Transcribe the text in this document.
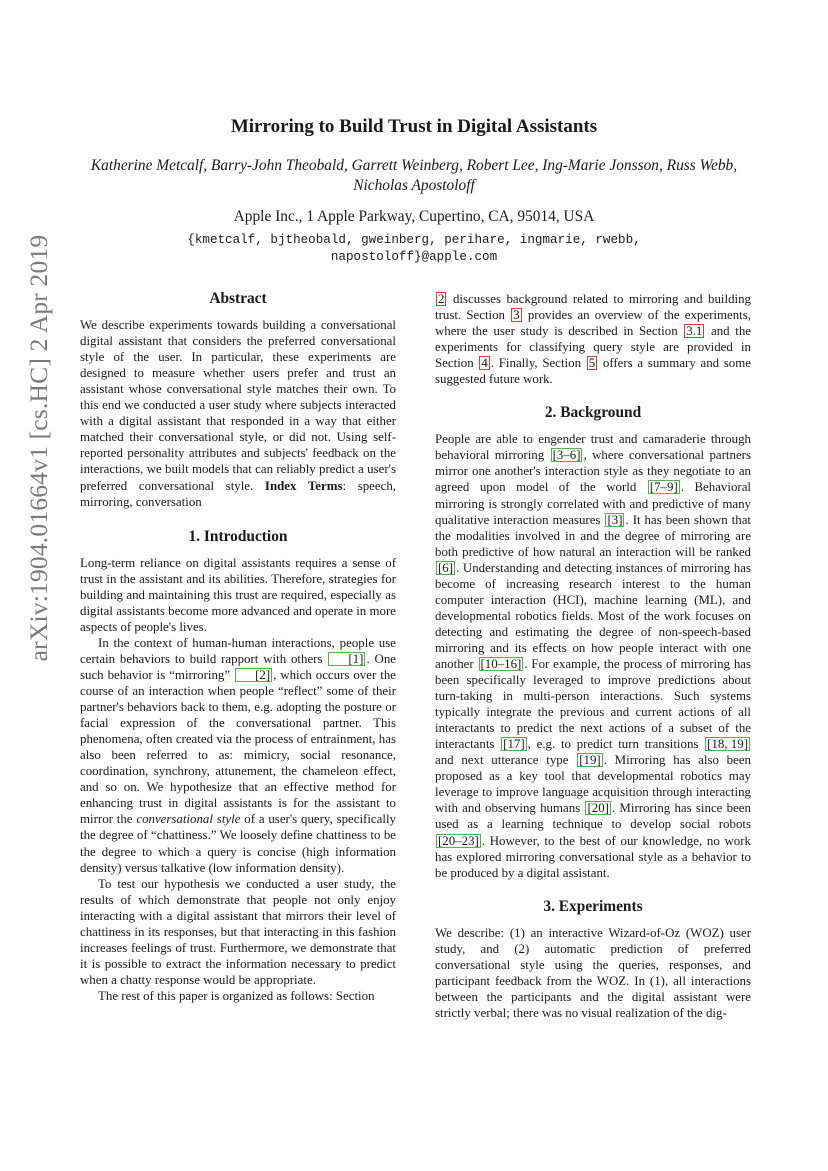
arXiv:1904.01664v1 [cs.HC] 2 Apr 2019
Mirroring to Build Trust in Digital Assistants
Katherine Metcalf, Barry-John Theobald, Garrett Weinberg, Robert Lee, Ing-Marie Jonsson, Russ Webb, Nicholas Apostoloff
Apple Inc., 1 Apple Parkway, Cupertino, CA, 95014, USA
{kmetcalf, bjtheobald, gweinberg, perihare, ingmarie, rwebb, napostoloff}@apple.com
Abstract

We describe experiments towards building a conversational digital assistant that considers the preferred conversational style of the user. In particular, these experiments are designed to measure whether users prefer and trust an assistant whose conversational style matches their own. To this end we conducted a user study where subjects interacted with a digital assistant that responded in a way that either matched their conversational style, or did not. Using self-reported personality attributes and subjects' feedback on the interactions, we built models that can reliably predict a user's preferred conversational style. Index Terms: speech, mirroring, conversation

1. Introduction

Long-term reliance on digital assistants requires a sense of trust in the assistant and its abilities. Therefore, strategies for building and maintaining this trust are required, especially as digital assistants become more advanced and operate in more aspects of people's lives.

In the context of human-human interactions, people use certain behaviors to build rapport with others [1] . One such behavior is “mirroring” [2] , which occurs over the course of an interaction when people “reflect” some of their partner's behaviors back to them, e.g. adopting the posture or facial expression of the conversational partner. This phenomena, often created via the process of entrainment, has also been referred to as: mimicry, social resonance, coordination, synchrony, attunement, the chameleon effect, and so on. We hypothesize that an effective method for enhancing trust in digital assistants is for the assistant to mirror the conversational style of a user's query, specifically the degree of “chattiness.” We loosely define chattiness to be the degree to which a query is concise (high information density) versus talkative (low information density).

To test our hypothesis we conducted a user study, the results of which demonstrate that people not only enjoy interacting with a digital assistant that mirrors their level of chattiness in its responses, but that interacting in this fashion increases feelings of trust. Furthermore, we demonstrate that it is possible to extract the information necessary to predict when a chatty response would be appropriate.

The rest of this paper is organized as follows: Section

2 discusses background related to mirroring and building trust. Section 3 provides an overview of the experiments, where the user study is described in Section 3.1 and the experiments for classifying query style are provided in Section 4 . Finally, Section 5 offers a summary and some suggested future work.

2. Background

People are able to engender trust and camaraderie through behavioral mirroring [3–6] , where conversational partners mirror one another's interaction style as they negotiate to an agreed upon model of the world [7–9] . Behavioral mirroring is strongly correlated with and predictive of many qualitative interaction measures [3] . It has been shown that the modalities involved in and the degree of mirroring are both predictive of how natural an interaction will be ranked [6] . Understanding and detecting instances of mirroring has become of increasing research interest to the human computer interaction (HCI), machine learning (ML), and developmental robotics fields. Most of the work focuses on detecting and estimating the degree of non-speech-based mirroring and its effects on how people interact with one another [10–16] . For example, the process of mirroring has been specifically leveraged to improve predictions about turn-taking in multi-person interactions. Such systems typically integrate the previous and current actions of all interactants to predict the next actions of a subset of the interactants [17] , e.g. to predict turn transitions [18, 19] and next utterance type [19] . Mirroring has also been proposed as a key tool that developmental robotics may leverage to improve language acquisition through interacting with and observing humans [20] . Mirroring has since been used as a learning technique to develop social robots [20–23] . However, to the best of our knowledge, no work has explored mirroring conversational style as a behavior to be produced by a digital assistant.

3. Experiments

We describe: (1) an interactive Wizard-of-Oz (WOZ) user study, and (2) automatic prediction of preferred conversational style using the queries, responses, and participant feedback from the WOZ. In (1), all interactions between the participants and the digital assistant were strictly verbal; there was no visual realization of the dig-
